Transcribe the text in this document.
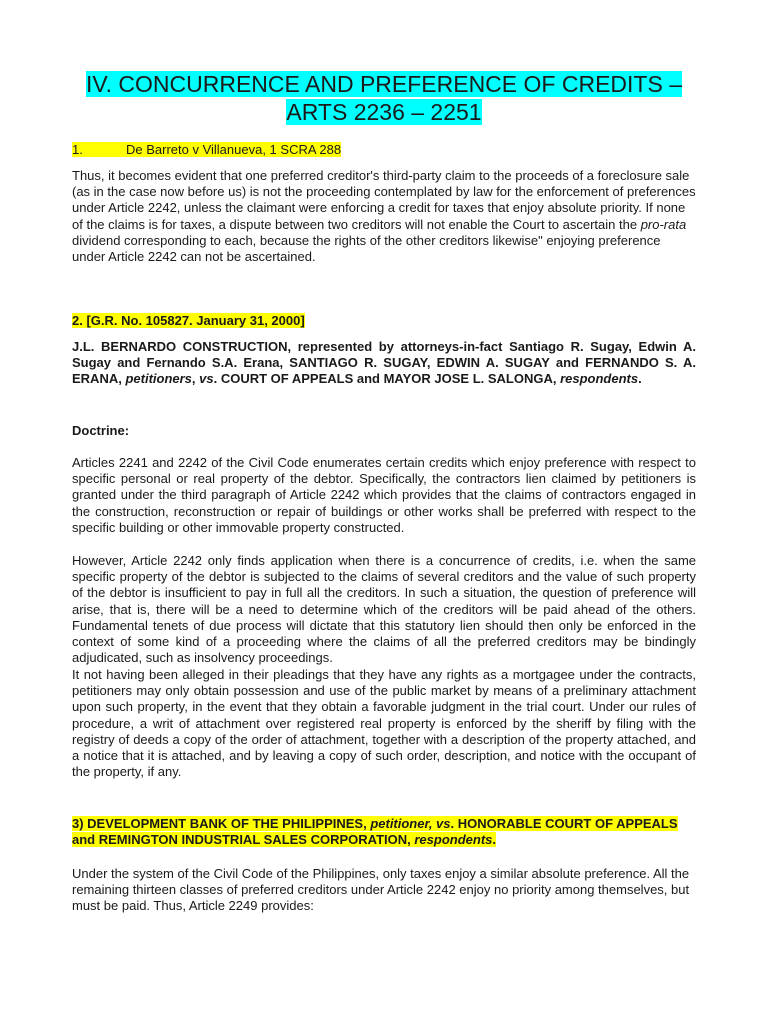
IV. CONCURRENCE AND PREFERENCE OF CREDITS –
ARTS 2236 – 2251
1.	De Barreto v Villanueva, 1 SCRA 288
Thus, it becomes evident that one preferred creditor's third-party claim to the proceeds of a foreclosure sale (as in the case now before us) is not the proceeding contemplated by law for the enforcement of preferences under Article 2242, unless the claimant were enforcing a credit for taxes that enjoy absolute priority. If none of the claims is for taxes, a dispute between two creditors will not enable the Court to ascertain the pro-rata dividend corresponding to each, because the rights of the other creditors likewise" enjoying preference under Article 2242 can not be ascertained.
2. [G.R. No. 105827. January 31, 2000]
J.L. BERNARDO CONSTRUCTION, represented by attorneys-in-fact Santiago R. Sugay, Edwin A. Sugay and Fernando S.A. Erana, SANTIAGO R. SUGAY, EDWIN A. SUGAY and FERNANDO S. A. ERANA, petitioners, vs. COURT OF APPEALS and MAYOR JOSE L. SALONGA, respondents.
Doctrine:
Articles 2241 and 2242 of the Civil Code enumerates certain credits which enjoy preference with respect to specific personal or real property of the debtor. Specifically, the contractors lien claimed by petitioners is granted under the third paragraph of Article 2242 which provides that the claims of contractors engaged in the construction, reconstruction or repair of buildings or other works shall be preferred with respect to the specific building or other immovable property constructed.
However, Article 2242 only finds application when there is a concurrence of credits, i.e. when the same specific property of the debtor is subjected to the claims of several creditors and the value of such property of the debtor is insufficient to pay in full all the creditors. In such a situation, the question of preference will arise, that is, there will be a need to determine which of the creditors will be paid ahead of the others. Fundamental tenets of due process will dictate that this statutory lien should then only be enforced in the context of some kind of a proceeding where the claims of all the preferred creditors may be bindingly adjudicated, such as insolvency proceedings.
It not having been alleged in their pleadings that they have any rights as a mortgagee under the contracts, petitioners may only obtain possession and use of the public market by means of a preliminary attachment upon such property, in the event that they obtain a favorable judgment in the trial court. Under our rules of procedure, a writ of attachment over registered real property is enforced by the sheriff by filing with the registry of deeds a copy of the order of attachment, together with a description of the property attached, and a notice that it is attached, and by leaving a copy of such order, description, and notice with the occupant of the property, if any.
3) DEVELOPMENT BANK OF THE PHILIPPINES, petitioner, vs. HONORABLE COURT OF APPEALS and REMINGTON INDUSTRIAL SALES CORPORATION, respondents.
Under the system of the Civil Code of the Philippines, only taxes enjoy a similar absolute preference. All the remaining thirteen classes of preferred creditors under Article 2242 enjoy no priority among themselves, but must be paid. Thus, Article 2249 provides:
